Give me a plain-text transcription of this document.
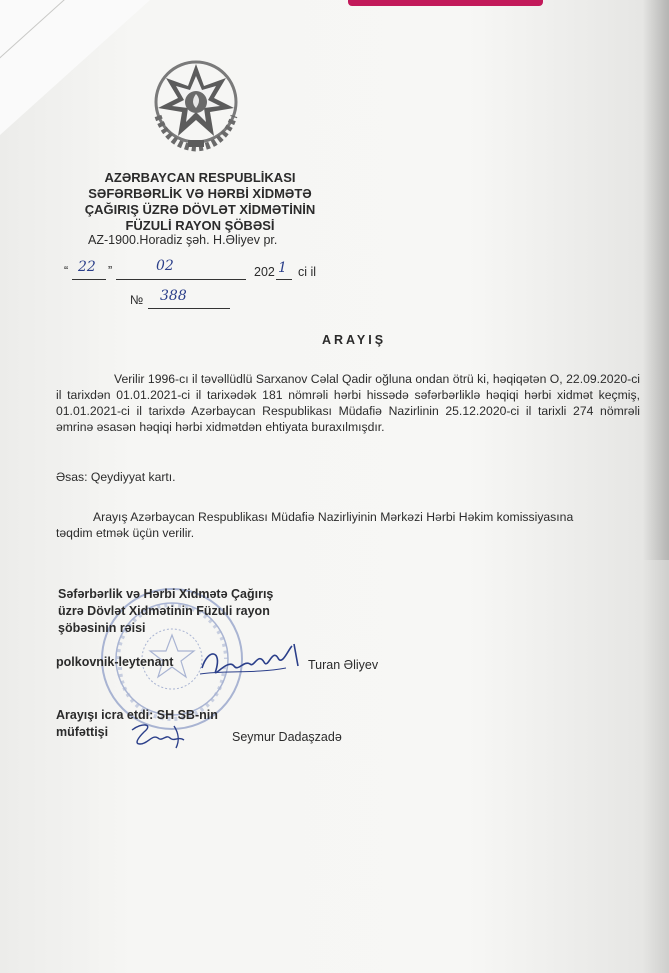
AZƏRBAYCAN RESPUBLİKASI
SƏFƏRBƏRLİK VƏ HƏRBİ XİDMƏTƏ
ÇAĞIRIŞ ÜZRƏ DÖVLƏT XİDMƏTİNİN
FÜZULİ RAYON ŞÖBƏSİ
AZ-1900.Horadiz şəh. H.Əliyev pr.
“ 22 ”	02	202 1 ci il
№ 388
ARAYIŞ
Verilir 1996-cı il təvəllüdlü Sarxanov Cəlal Qadir oğluna ondan ötrü ki, həqiqətən O, 22.09.2020-ci il tarixdən 01.01.2021-ci il tarixədək 181 nömrəli hərbi hissədə səfərbərliklə həqiqi hərbi xidmət keçmiş, 01.01.2021-ci il tarixdə Azərbaycan Respublikası Müdafiə Nazirlinin 25.12.2020-ci il tarixli 274 nömrəli əmrinə əsasən həqiqi hərbi xidmətdən ehtiyata buraxılmışdır.
Əsas: Qeydiyyat kartı.
Arayış Azərbaycan Respublikası Müdafiə Nazirliyinin Mərkəzi Hərbi Həkim komissiyasına təqdim etmək üçün verilir.
Səfərbərlik və Hərbi Xidmətə Çağırış
üzrə Dövlət Xidmətinin Füzuli rayon
şöbəsinin rəisi
polkovnik-leytenant	Turan Əliyev
Arayışı icra etdi: SH SB-nin
müfəttişi	Seymur Dadaşzadə
